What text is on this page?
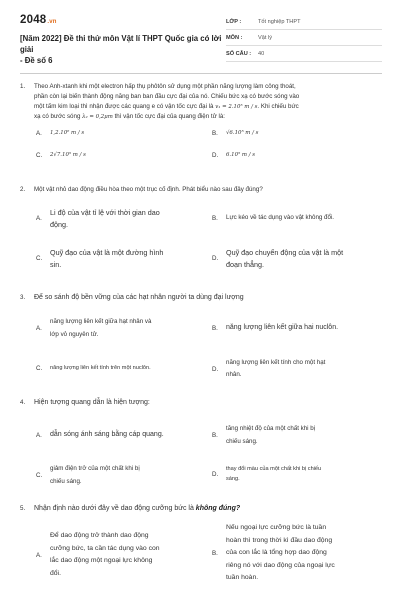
2048.vn
[Năm 2022] Đề thi thử môn Vật lí THPT Quốc gia có lời giải
- Đề số 6
LỚP :	Tốt nghiệp THPT
MÔN :	Vật lý
SỐ CÂU :	40
1.	Theo Anh-xtanh khi một electron hấp thụ phôtôn sử dụng một phần năng lượng làm công thoát,
phần còn lại biến thành động năng ban ban đầu cực đại của nó. Chiếu bức xạ có bước sóng vào
một tấm kim loại thì nhận được các quang e có vận tốc cực đại là v₁ = 2.10⁵ m / s. Khi chiếu bức
xạ có bước sóng λ₂ = 0,2μm thì vận tốc cực đại của quang điện tử là:
A.	1,2.10⁶ m / s	B.	√6.10⁵ m / s
C.	2√7.10⁵ m / s	D.	6.10⁵ m / s
2.	Một vật nhỏ dao động điều hòa theo một trục cố định. Phát biểu nào sau đây đúng?
A.
Li độ của vật tỉ lệ với thời gian dao
động.
B.	Lực kéo về tác dụng vào vật không đổi.
C.
Quỹ đạo của vật là một đường hình
sin.
D.
Quỹ đạo chuyển động của vật là một
đoạn thẳng.
3.	Để so sánh độ bền vững của các hạt nhân người ta dùng đại lượng
A.
năng lượng liên kết giữa hạt nhân và
lớp vỏ nguyên tử.
B.	năng lượng liên kết giữa hai nuclôn.
C.	năng lượng liên kết tính trên một nuclôn.	D.
năng lượng liên kết tính cho một hạt
nhân.
4.	Hiện tượng quang dẫn là hiện tượng:
A.	dẫn sóng ánh sáng bằng cáp quang.	B.
tăng nhiệt độ của một chất khi bị
chiếu sáng.
C.
giảm điện trở của một chất khi bị
chiếu sáng.
D.
thay đổi màu của một chất khi bị chiếu
sáng.
5.	Nhận định nào dưới đây về dao động cưỡng bức là không đúng?
A.
Để dao động trở thành dao động
cưỡng bức, ta cần tác dụng vào con
lắc dao động một ngoại lực không
đổi.
B.
Nếu ngoại lực cưỡng bức là tuần
hoàn thì trong thời kì đầu dao động
của con lắc là tổng hợp dao động
riêng nó với dao động của ngoại lực
tuần hoàn.
